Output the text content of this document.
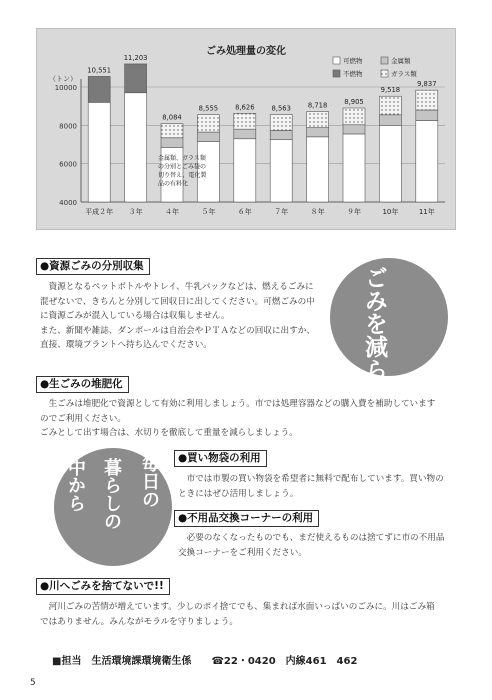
ごみ処理量の変化
（トン）
4000
6000
8000
10000
10,551
平成２年
11,203
３年
8,084
４年
8,555
５年
8,626
６年
8,563
７年
8,718
８年
8,905
９年
9,518
10年
9,837
11年
可燃物	金属類
不燃物	ガラス類
金属類、ガラス類
の分別とごみ袋の
切り替え、電化製
品の有料化
●資源ごみの分別収集
資源となるペットボトルやトレイ、牛乳パックなどは、燃えるごみに混ぜないで、きちんと分別して回収日に出してください。可燃ごみの中に資源ごみが混入している場合は収集しません。
また、新聞や雑誌、ダンボールは自治会やＰＴＡなどの回収に出すか、直接、環境プラントへ持ち込んでください。	ごみを減らそう
●生ごみの堆肥化
生ごみは堆肥化で資源として有効に利用しましょう。市では処理容器などの購入費を補助していますのでご利用ください。
ごみとして出す場合は、水切りを徹底して重量を減らしましょう。
中から 暮らしの 毎日の	●買い物袋の利用
市では市製の買い物袋を希望者に無料で配布しています。買い物のときにはぜひ活用しましょう。
●不用品交換コーナーの利用
必要のなくなったものでも、まだ使えるものは捨てずに市の不用品交換コーナーをご利用ください。
●川へごみを捨てないで!!
河川ごみの苦情が増えています。少しのポイ捨てでも、集まれば水面いっぱいのごみに。川はごみ箱ではありません。みんながモラルを守りましょう。
■担当　生活環境課環境衛生係　　☎22・0420　内線461　462
5
